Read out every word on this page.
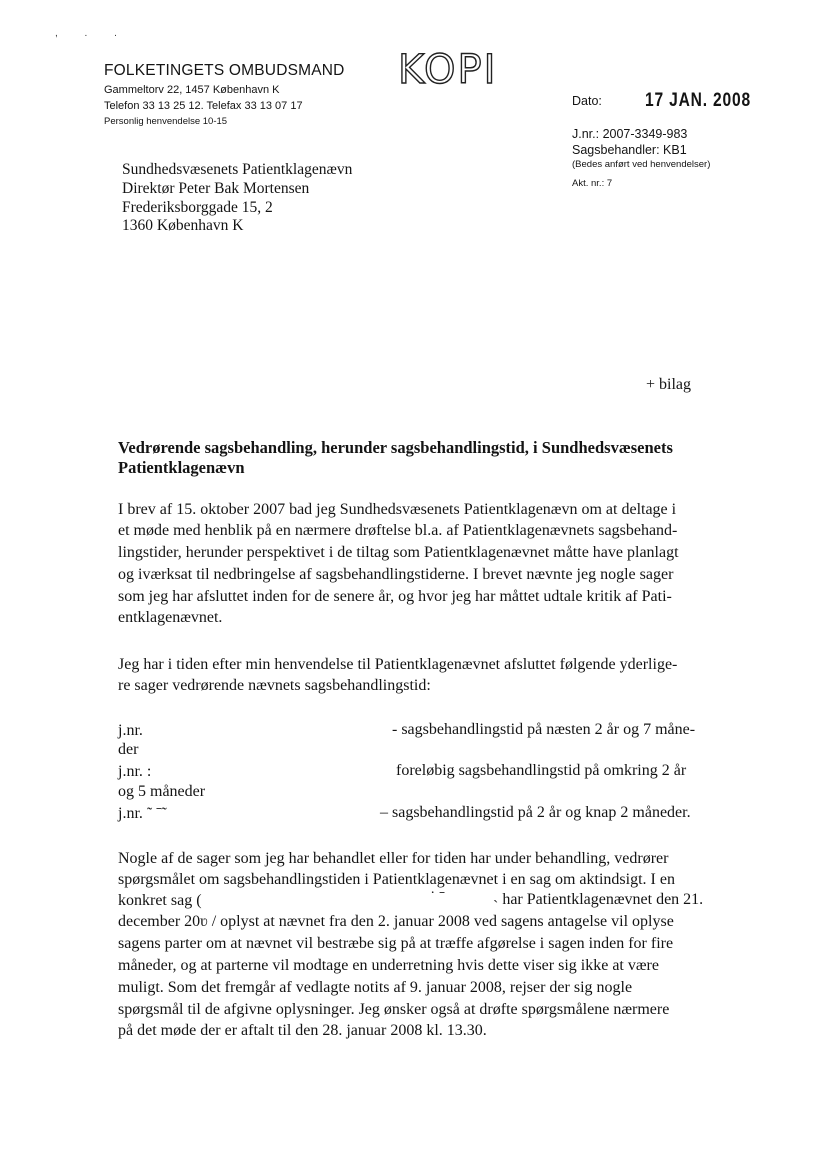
, . .
FOLKETINGETS OMBUDSMAND
Gammeltorv 22, 1457 København K
Telefon 33 13 25 12. Telefax 33 13 07 17
Personlig henvendelse 10-15
KOPI
Dato: 17 JAN. 2008
J.nr.: 2007-3349-983
Sagsbehandler: KB1
(Bedes anført ved henvendelser)
Akt. nr.: 7
Sundhedsvæsenets Patientklagenævn
Direktør Peter Bak Mortensen
Frederiksborggade 15, 2
1360 København K
+ bilag
Vedrørende sagsbehandling, herunder sagsbehandlingstid, i Sundhedsvæsenets Patientklagenævn
I brev af 15. oktober 2007 bad jeg Sundhedsvæsenets Patientklagenævn om at deltage i
et møde med henblik på en nærmere drøftelse bl.a. af Patientklagenævnets sagsbehand-
lingstider, herunder perspektivet i de tiltag som Patientklagenævnet måtte have planlagt
og iværksat til nedbringelse af sagsbehandlingstiderne. I brevet nævnte jeg nogle sager
som jeg har afsluttet inden for de senere år, og hvor jeg har måttet udtale kritik af Pati-
entklagenævnet.
Jeg har i tiden efter min henvendelse til Patientklagenævnet afsluttet følgende yderlige-
re sager vedrørende nævnets sagsbehandlingstid:
j.nr.	- sagsbehandlingstid på næsten 2 år og 7 måne-
der
j.nr. :	foreløbig sagsbehandlingstid på omkring 2 år
og 5 måneder
j.nr. ˜ ˉ˜	– sagsbehandlingstid på 2 år og knap 2 måneder.
Nogle af de sager som jeg har behandlet eller for tiden har under behandling, vedrører
spørgsmålet om sagsbehandlingstiden i Patientklagenævnet i en sag om aktindsigt. I en
konkret sag (	˙ ˉ	˴ har Patientklagenævnet den 21.
december 20ʋ / oplyst at nævnet fra den 2. januar 2008 ved sagens antagelse vil oplyse
sagens parter om at nævnet vil bestræbe sig på at træffe afgørelse i sagen inden for fire
måneder, og at parterne vil modtage en underretning hvis dette viser sig ikke at være
muligt. Som det fremgår af vedlagte notits af 9. januar 2008, rejser der sig nogle
spørgsmål til de afgivne oplysninger. Jeg ønsker også at drøfte spørgsmålene nærmere
på det møde der er aftalt til den 28. januar 2008 kl. 13.30.
